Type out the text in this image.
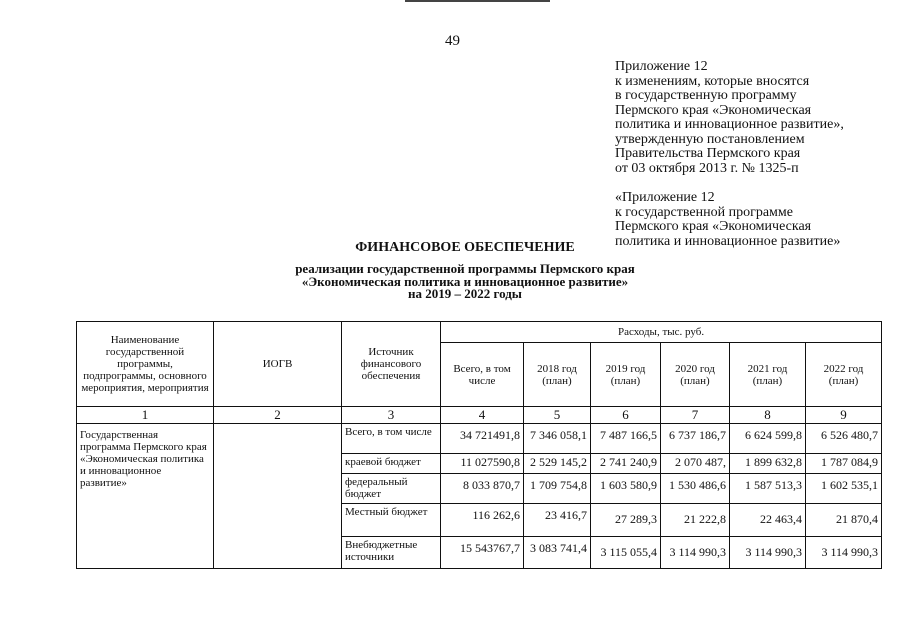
49
Приложение 12
к изменениям, которые вносятся
в государственную программу
Пермского края «Экономическая
политика и инновационное развитие»,
утвержденную постановлением
Правительства Пермского края
от 03 октября 2013 г. № 1325-п
«Приложение 12
к государственной программе
Пермского края «Экономическая
политика и инновационное развитие»
ФИНАНСОВОЕ ОБЕСПЕЧЕНИЕ
реализации государственной программы Пермского края
«Экономическая политика и инновационное развитие»
на 2019 – 2022 годы
Наименование государственной программы, подпрограммы, основного мероприятия, мероприятия	ИОГВ	Источник финансового обеспечения	Расходы, тыс. руб.					
			Всего, в том числе	2018 год (план)	2019 год (план)	2020 год (план)	2021 год (план)	2022 год (план)
1	2	3	4	5	6	7	8	9
Государственная программа Пермского края «Экономическая политика и инновационное развитие»		Всего, в том числе	34 721491,8	7 346 058,1	7 487 166,5	6 737 186,7	6 624 599,8	6 526 480,7
		краевой бюджет	11 027590,8	2 529 145,2	2 741 240,9	2 070 487,	1 899 632,8	1 787 084,9
		федеральный бюджет	8 033 870,7	1 709 754,8	1 603 580,9	1 530 486,6	1 587 513,3	1 602 535,1
		Местный бюджет	116 262,6	23 416,7	27 289,3	21 222,8	22 463,4	21 870,4
		Внебюджетные источники	15 543767,7	3 083 741,4	3 115 055,4	3 114 990,3	3 114 990,3	3 114 990,3
